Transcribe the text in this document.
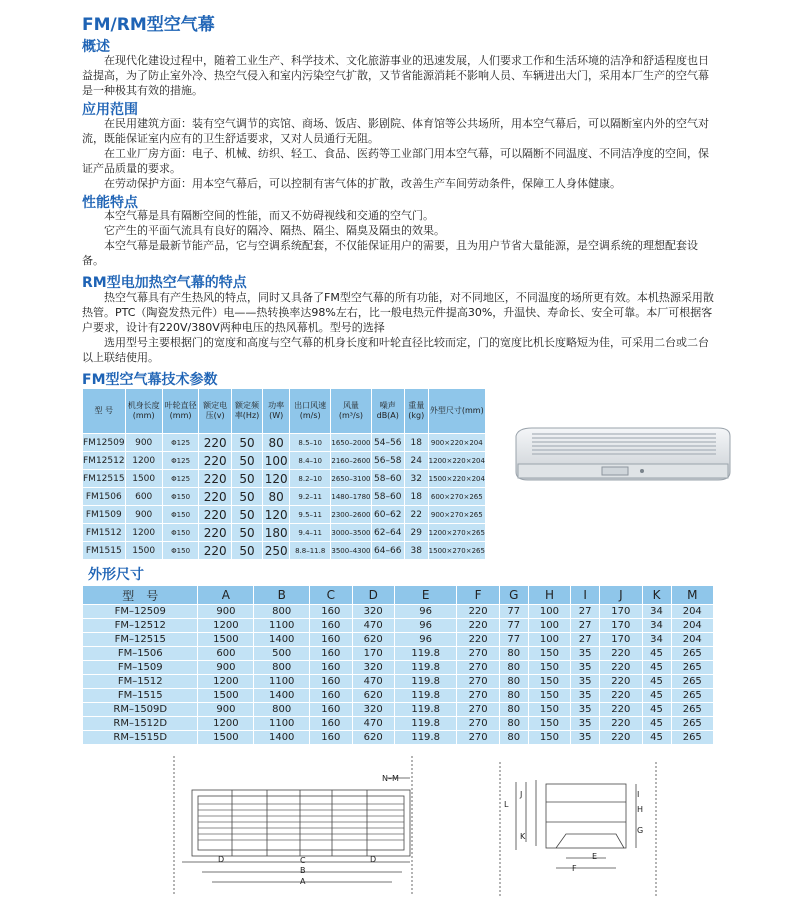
FM/RM型空气幕
概述

在现代化建设过程中，随着工业生产、科学技术、文化旅游事业的迅速发展，人们要求工作和生活环境的洁净和舒适程度也日益提高，为了防止室外冷、热空气侵入和室内污染空气扩散，又节省能源消耗不影响人员、车辆进出大门，采用本厂生产的空气幕是一种极其有效的措施。

应用范围

在民用建筑方面：装有空气调节的宾馆、商场、饭店、影剧院、体育馆等公共场所，用本空气幕后，可以隔断室内外的空气对流，既能保证室内应有的卫生舒适要求，又对人员通行无阻。

在工业厂房方面：电子、机械、纺织、轻工、食品、医药等工业部门用本空气幕，可以隔断不同温度、不同洁净度的空间，保证产品质量的要求。

在劳动保护方面：用本空气幕后，可以控制有害气体的扩散，改善生产车间劳动条件，保障工人身体健康。

性能特点

本空气幕是具有隔断空间的性能，而又不妨碍视线和交通的空气门。

它产生的平面气流具有良好的隔冷、隔热、隔尘、隔臭及隔虫的效果。

本空气幕是最新节能产品，它与空调系统配套，不仅能保证用户的需要，且为用户节省大量能源，是空调系统的理想配套设备。

RM型电加热空气幕的特点

热空气幕具有产生热风的特点，同时又具备了FM型空气幕的所有功能，对不同地区，不同温度的场所更有效。本机热源采用散热管。PTC（陶瓷发热元件）电——热转换率达98%左右，比一般电热元件提高30%，升温快、寿命长、安全可靠。本厂可根据客户要求，设计有220V/380V两种电压的热风幕机。型号的选择

选用型号主要根据门的宽度和高度与空气幕的机身长度和叶轮直径比较而定，门的宽度比机长度略短为佳，可采用二台或二台以上联结使用。

FM型空气幕技术参数
型 号	机身长度(mm)	叶轮直径(mm)	额定电压(v)	额定频率(Hz)	功率(W)	出口风速(m/s)	风量(m³/s)	噪声dB(A)	重量(kg)	外型尺寸(mm)
FM12509	900	Φ125	220	50	80	8.5–10	1650–2000	54–56	18	900×220×204
FM12512	1200	Φ125	220	50	100	8.4–10	2160–2600	56–58	24	1200×220×204
FM12515	1500	Φ125	220	50	120	8.2–10	2650–3100	58–60	32	1500×220×204
FM1506	600	Φ150	220	50	80	9.2–11	1480–1780	58–60	18	600×270×265
FM1509	900	Φ150	220	50	120	9.5–11	2300–2600	60–62	22	900×270×265
FM1512	1200	Φ150	220	50	180	9.4–11	3000–3500	62–64	29	1200×270×265
FM1515	1500	Φ150	220	50	250	8.8–11.8	3500–4300	64–66	38	1500×270×265
外形尺寸
型　号	A	B	C	D	E	F	G	H	I	J	K	M
FM–12509	900	800	160	320	96	220	77	100	27	170	34	204
FM–12512	1200	1100	160	470	96	220	77	100	27	170	34	204
FM–12515	1500	1400	160	620	96	220	77	100	27	170	34	204
FM–1506	600	500	160	170	119.8	270	80	150	35	220	45	265
FM–1509	900	800	160	320	119.8	270	80	150	35	220	45	265
FM–1512	1200	1100	160	470	119.8	270	80	150	35	220	45	265
FM–1515	1500	1400	160	620	119.8	270	80	150	35	220	45	265
RM–1509D	900	800	160	320	119.8	270	80	150	35	220	45	265
RM–1512D	1200	1100	160	470	119.8	270	80	150	35	220	45	265
RM–1515D	1500	1400	160	620	119.8	270	80	150	35	220	45	265
N–M
D	D
C
B
A
L
J	I
H
G
K
E
F
